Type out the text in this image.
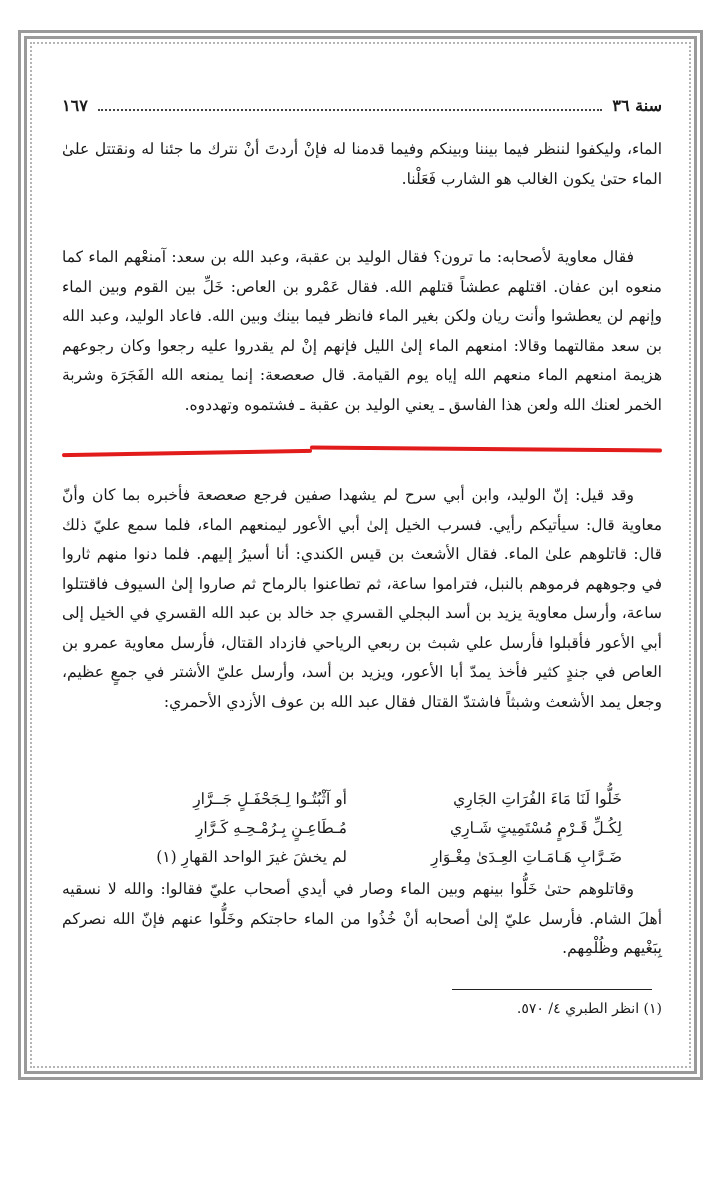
سنة ٣٦
١٦٧

الماء، وليكفوا لننظر فيما بيننا وبينكم وفيما قدمنا له فإنْ أردتَ أنْ نترك ما جئنا له ونقتتل علىٰ الماء حتىٰ يكون الغالب هو الشارب فَعَلْنا.

فقال معاوية لأصحابه: ما ترون؟ فقال الوليد بن عقبة، وعبد الله بن سعد: آمنعْهم الماء كما منعوه ابن عفان. اقتلهم عطشاً قتلهم الله. فقال عَمْرو بن العاص: خَلِّ بين القوم وبين الماء وإنهم لن يعطشوا وأنت ريان ولكن بغير الماء فانظر فيما بينك وبين الله. فاعاد الوليد، وعبد الله بن سعد مقالتهما وقالا: امنعهم الماء إلىٰ الليل فإنهم إنْ لم يقدروا عليه رجعوا وكان رجوعهم هزيمة امنعهم الماء منعهم الله إياه يوم القيامة. قال صعصعة: إنما يمنعه الله الفَجَرَة وشربة الخمر لعنك الله ولعن هذا الفاسق ـ يعني الوليد بن عقبة ـ فشتموه وتهددوه.

وقد قيل: إنّ الوليد، وابن أبي سرح لم يشهدا صفين فرجع صعصعة فأخبره بما كان وأنّ معاوية قال: سيأتيكم رأيي. فسرب الخيل إلىٰ أبي الأعور ليمنعهم الماء، فلما سمع عليّ ذلك قال: قاتلوهم علىٰ الماء. فقال الأشعث بن قيس الكندي: أنا أسيرُ إليهم. فلما دنوا منهم ثاروا في وجوههم فرموهم بالنبل، فتراموا ساعة، ثم تطاعنوا بالرماح ثم صاروا إلىٰ السيوف فاقتتلوا ساعة، وأرسل معاوية يزيد بن أسد البجلي القسري جد خالد بن عبد الله القسري في الخيل إلى أبي الأعور فأقبلوا فأرسل علي شبث بن ربعي الرياحي فازداد القتال، فأرسل معاوية عمرو بن العاص في جندٍ كثير فأخذ يمدّ أبا الأعور، ويزيد بن أسد، وأرسل عليّ الأشتر في جمعٍ عظيم، وجعل يمد الأشعث وشبثاً فاشتدّ القتال فقال عبد الله بن عوف الأزدي الأحمري:

خَلُّوا لَنَا مَاءَ الفُرَاتِ الجَارِي
أو آثْبُتُـوا لِـجَحْفَـلٍ جَــرَّارِ
لِكُـلِّ قَـرْمٍ مُسْتَمِيتٍ شَـارِي
مُـطَاعِـنٍ بِـرُمْـحِـهِ كَـرَّارِ
ضَـرَّابِ هَـامَـاتِ العِـدَىٰ مِغْـوَارِ
لم يخشَ غيرَ الواحد القهارِ (١)

وقاتلوهم حتىٰ خَلُّوا بينهم وبين الماء وصار في أيدي أصحاب عليّ فقالوا: والله لا نسقيه أهلَ الشام. فأرسل عليّ إلىٰ أصحابه أنْ خُذُوا من الماء حاجتكم وخَلُّوا عنهم فإنّ الله نصركم بِبَغْيهم وظُلْمِهم.

(١) انظر الطبري ٤/ ٥٧٠.
